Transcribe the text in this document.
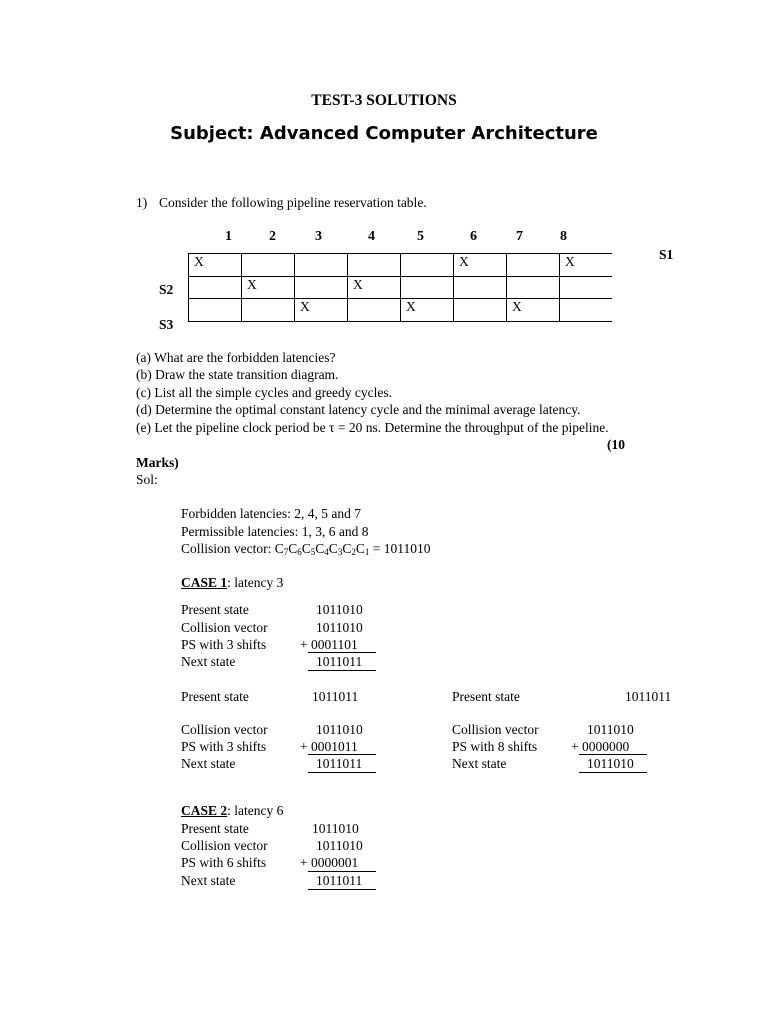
TEST-3 SOLUTIONS
Subject: Advanced Computer Architecture
1) Consider the following pipeline reservation table.
1	2	3	4	5	6	7	8
S1
S2
S3
X					X		X
	X		X				
		X		X		X	
(a) What are the forbidden latencies?
(b) Draw the state transition diagram.
(c) List all the simple cycles and greedy cycles.
(d) Determine the optimal constant latency cycle and the minimal average latency.
(e) Let the pipeline clock period be τ = 20 ns. Determine the throughput of the pipeline.
(10
Marks)
Sol:
Forbidden latencies: 2, 4, 5 and 7
Permissible latencies: 1, 3, 6 and 8
Collision vector: $C_7C_6C_5C_4C_3C_2C_1 = 1011010$
CASE 1: latency 3
Present state	1011010
Collision vector	1011010
PS with 3 shifts	+ 0001101
Next state	1011011
Present state	1011011
Collision vector	1011010
PS with 3 shifts	+ 0001011
Next state	1011011
Present state	1011011
Collision vector	1011010
PS with 8 shifts	+ 0000000
Next state	1011010
CASE 2: latency 6
Present state	1011010
Collision vector	1011010
PS with 6 shifts	+ 0000001
Next state	1011011
